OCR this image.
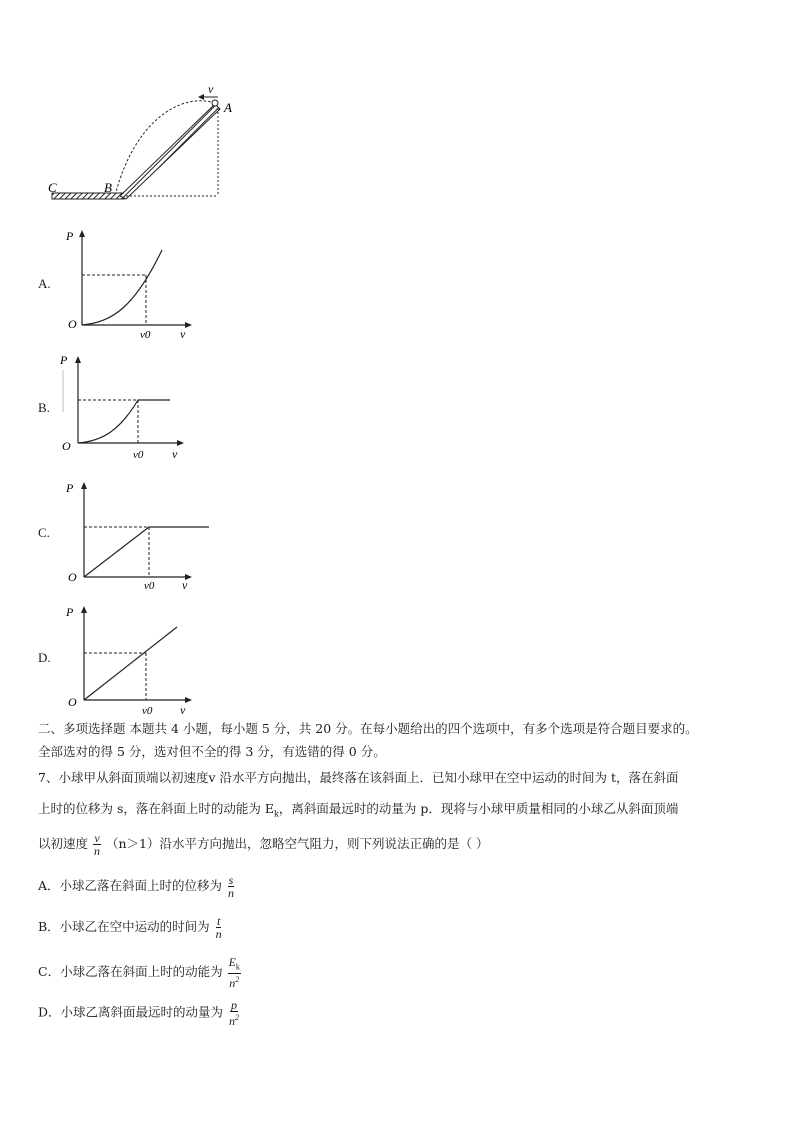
v
A
B
C
A.
P
O
v0 v
B.
P
O
v0 v
C.
P
O
v0 v
D.
P
O
v0 v
二、多项选择题 本题共 4 小题，每小题 5 分，共 20 分。在每小题给出的四个选项中，有多个选项是符合题目要求的。
全部选对的得 5 分，选对但不全的得 3 分，有选错的得 0 分。
7、小球甲从斜面顶端以初速度v 沿水平方向抛出，最终落在该斜面上．已知小球甲在空中运动的时间为 t，落在斜面
上时的位移为 s，落在斜面上时的动能为 $E_k$，离斜面最远时的动量为 p．现将与小球甲质量相同的小球乙从斜面顶端
以初速度 $\frac{v}{n} (n>1)$沿水平方向抛出，忽略空气阻力，则下列说法正确的是（ ）
A．小球乙落在斜面上时的位移为 $\frac{s}{n}$
B．小球乙在空中运动的时间为 $\frac{t}{n}$
C．小球乙落在斜面上时的动能为 $\frac{E_k}{n^2}$
D．小球乙离斜面最远时的动量为 $\frac{p}{n^2}$
